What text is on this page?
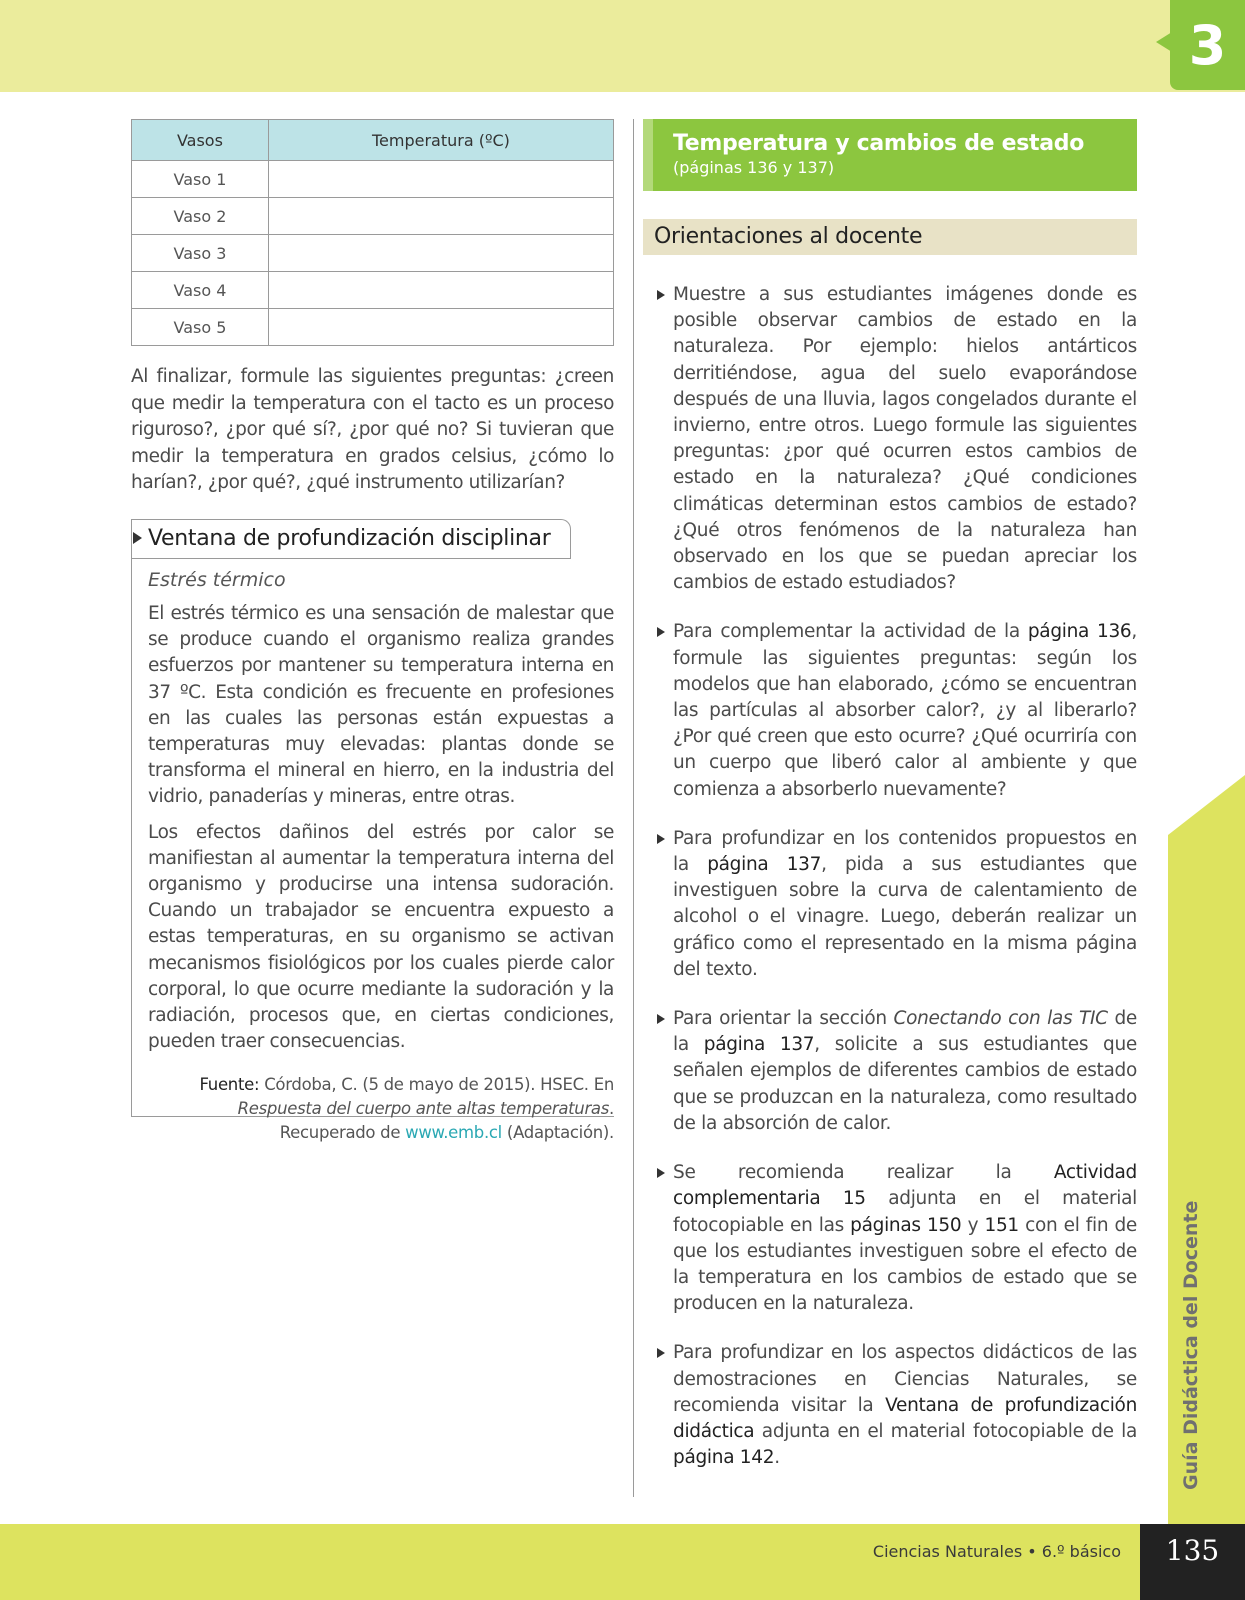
3
Guía Didáctica del Docente
Ciencias Naturales • 6.º básico	135
Vasos	Temperatura (ºC)
Vaso 1	
Vaso 2	
Vaso 3	
Vaso 4	
Vaso 5	

Al finalizar, formule las siguientes preguntas: ¿creen que medir la temperatura con el tacto es un proceso riguroso?, ¿por qué sí?, ¿por qué no? Si tuvieran que medir la temperatura en grados celsius, ¿cómo lo harían?, ¿por qué?, ¿qué instrumento utilizarían?

Ventana de profundización disciplinar
Estrés térmico

El estrés térmico es una sensación de malestar que se produce cuando el organismo realiza grandes esfuerzos por mantener su temperatura interna en 37 ºC. Esta condición es frecuente en profesiones en las cuales las personas están expuestas a temperaturas muy elevadas: plantas donde se transforma el mineral en hierro, en la industria del vidrio, panaderías y mineras, entre otras.

Los efectos dañinos del estrés por calor se manifiestan al aumentar la temperatura interna del organismo y producirse una intensa sudoración. Cuando un trabajador se encuentra expuesto a estas temperaturas, en su organismo se activan mecanismos fisiológicos por los cuales pierde calor corporal, lo que ocurre mediante la sudoración y la radiación, procesos que, en ciertas condiciones, pueden traer consecuencias.

Fuente: Córdoba, C. (5 de mayo de 2015). HSEC. En Respuesta del cuerpo ante altas temperaturas. Recuperado de www.emb.cl (Adaptación).
Temperatura y cambios de estado
(páginas 136 y 137)
Orientaciones al docente
Muestre a sus estudiantes imágenes donde es posible observar cambios de estado en la naturaleza. Por ejemplo: hielos antárticos derritiéndose, agua del suelo evaporándose después de una lluvia, lagos congelados durante el invierno, entre otros. Luego formule las siguientes preguntas: ¿por qué ocurren estos cambios de estado en la naturaleza? ¿Qué condiciones climáticas determinan estos cambios de estado? ¿Qué otros fenómenos de la naturaleza han observado en los que se puedan apreciar los cambios de estado estudiados?
Para complementar la actividad de la página 136, formule las siguientes preguntas: según los modelos que han elaborado, ¿cómo se encuentran las partículas al absorber calor?, ¿y al liberarlo? ¿Por qué creen que esto ocurre? ¿Qué ocurriría con un cuerpo que liberó calor al ambiente y que comienza a absorberlo nuevamente?
Para profundizar en los contenidos propuestos en la página 137, pida a sus estudiantes que investiguen sobre la curva de calentamiento de alcohol o el vinagre. Luego, deberán realizar un gráfico como el representado en la misma página del texto.
Para orientar la sección Conectando con las TIC de la página 137, solicite a sus estudiantes que señalen ejemplos de diferentes cambios de estado que se produzcan en la naturaleza, como resultado de la absorción de calor.
Se recomienda realizar la Actividad complementaria 15 adjunta en el material fotocopiable en las páginas 150 y 151 con el fin de que los estudiantes investiguen sobre el efecto de la temperatura en los cambios de estado que se producen en la naturaleza.
Para profundizar en los aspectos didácticos de las demostraciones en Ciencias Naturales, se recomienda visitar la Ventana de profundización didáctica adjunta en el material fotocopiable de la página 142.
